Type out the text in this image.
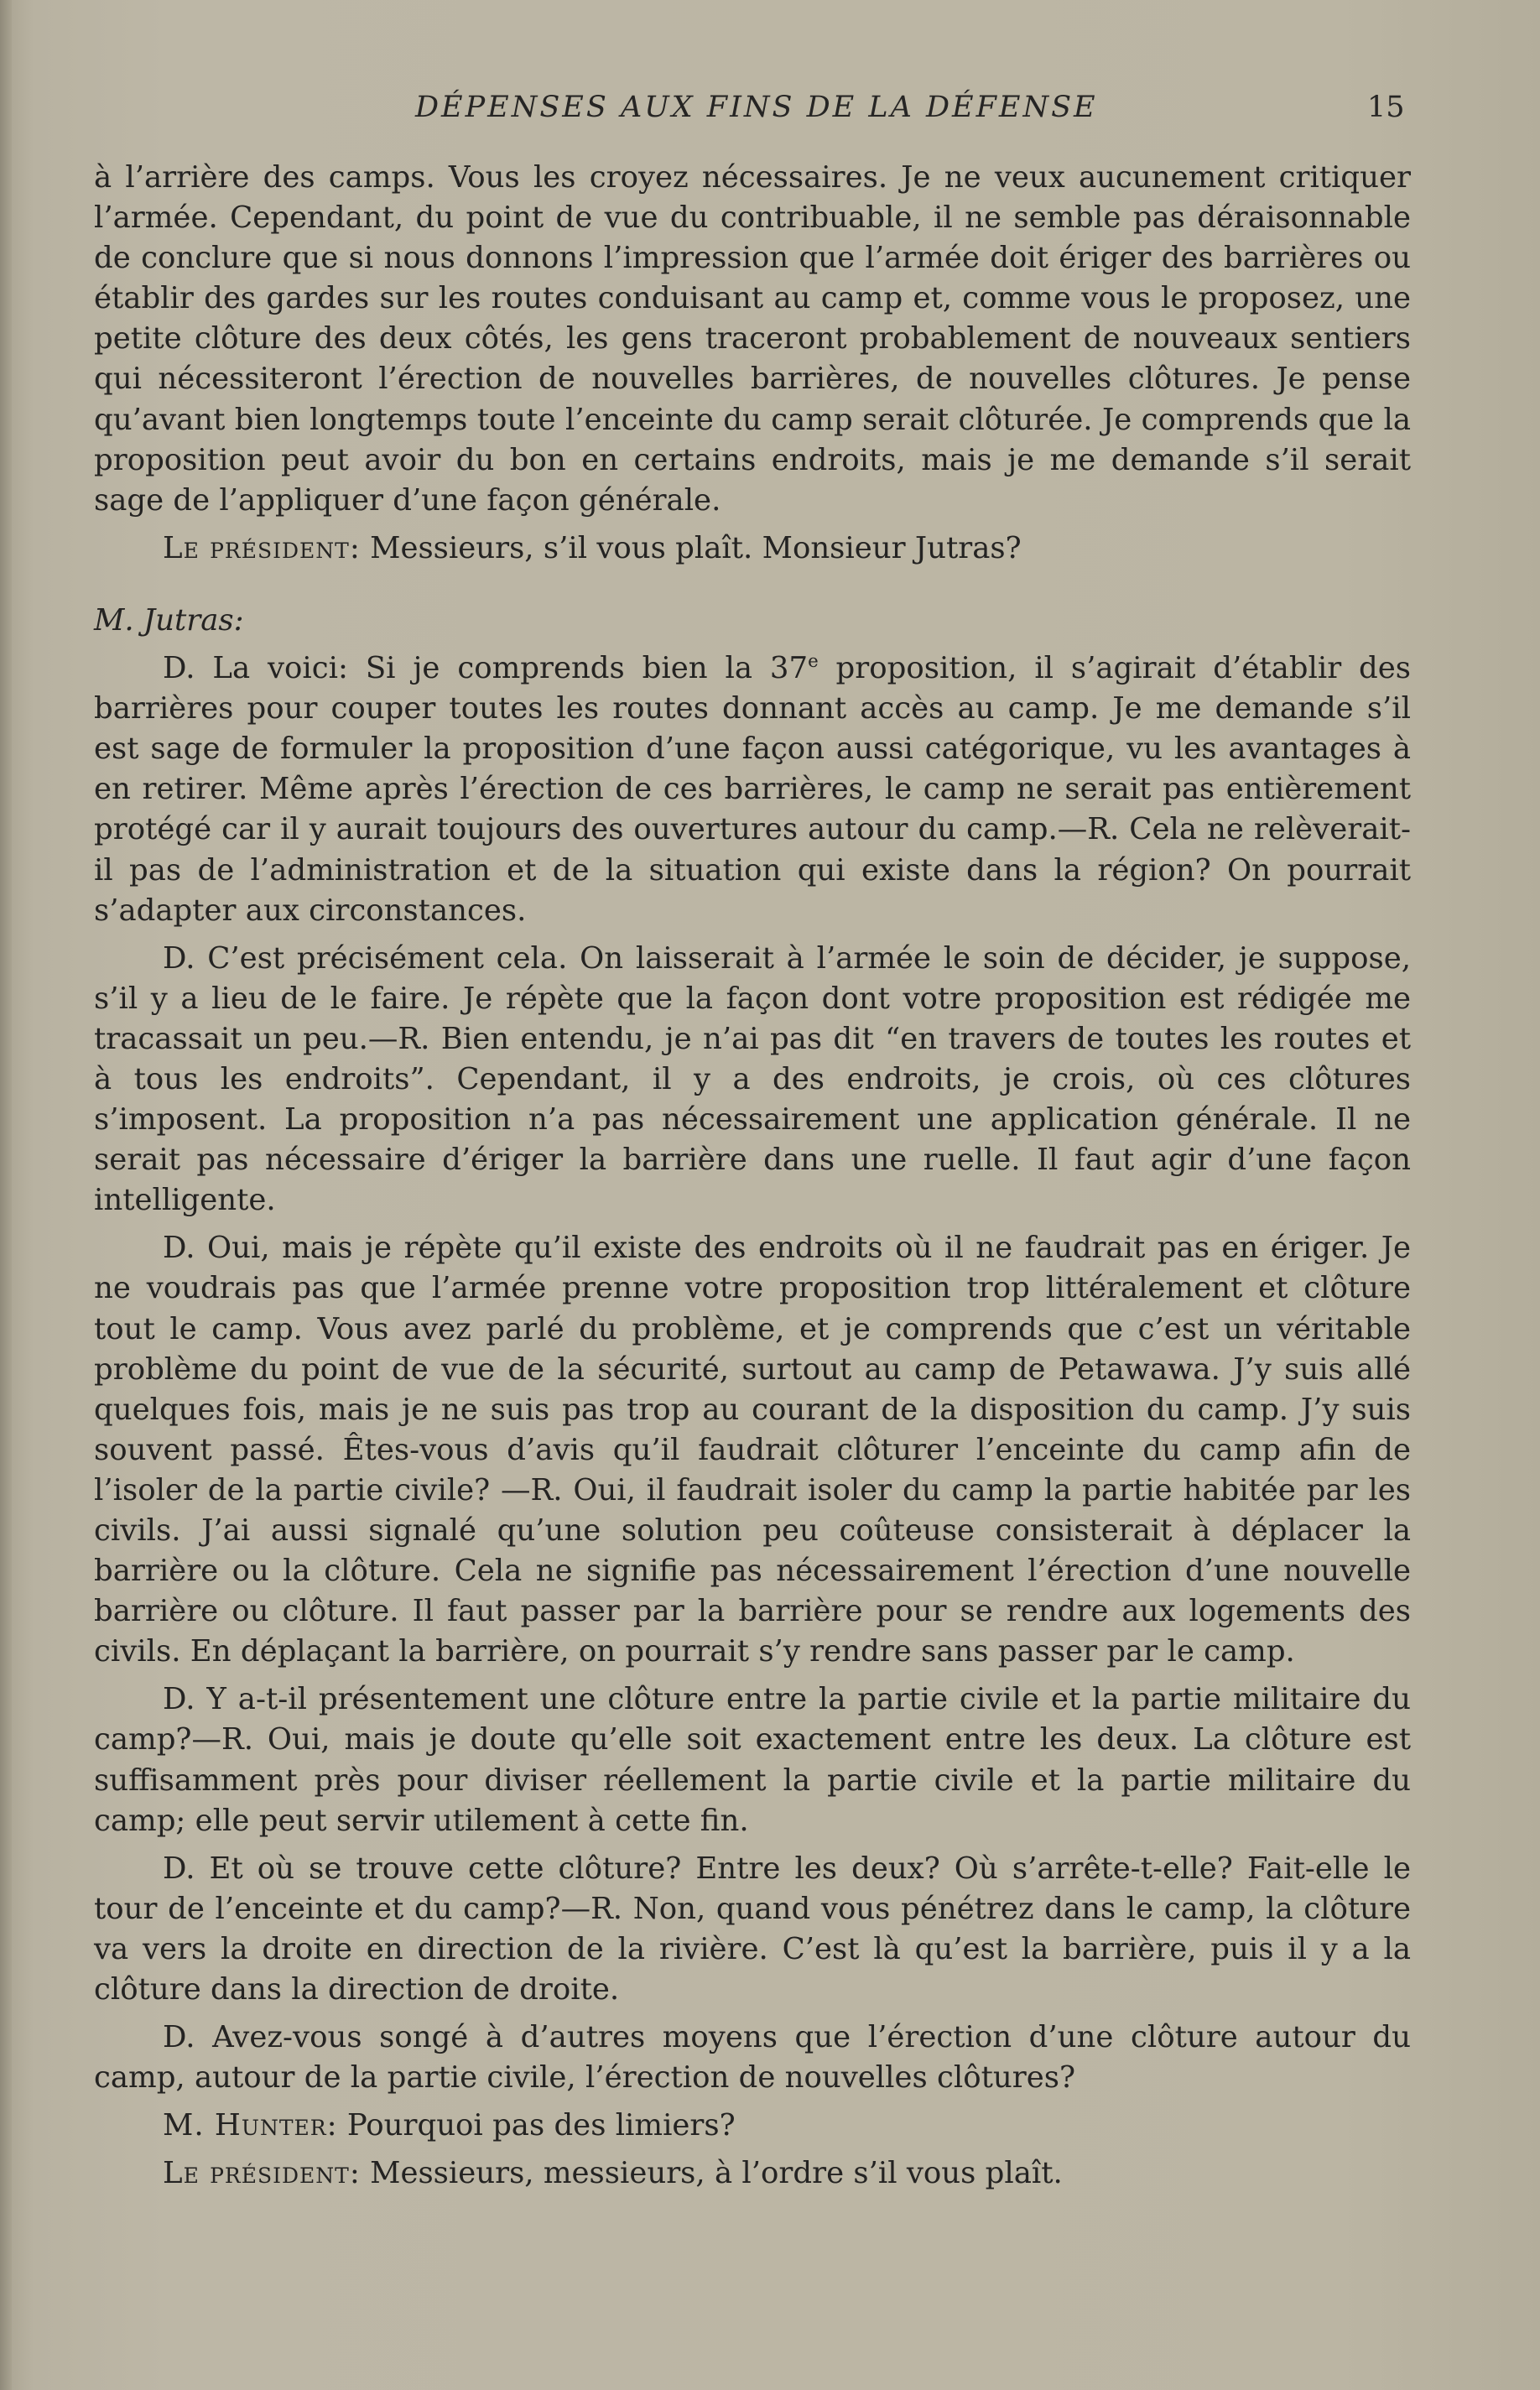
DÉPENSES AUX FINS DE LA DÉFENSE	15

à l’arrière des camps. Vous les croyez nécessaires. Je ne veux aucunement critiquer l’armée. Cependant, du point de vue du contribuable, il ne semble pas déraisonnable de conclure que si nous donnons l’impression que l’armée doit ériger des barrières ou établir des gardes sur les routes conduisant au camp et, comme vous le proposez, une petite clôture des deux côtés, les gens traceront probablement de nouveaux sentiers qui nécessiteront l’érection de nouvelles barrières, de nouvelles clôtures. Je pense qu’avant bien longtemps toute l’enceinte du camp serait clôturée. Je comprends que la proposition peut avoir du bon en certains endroits, mais je me demande s’il serait sage de l’appliquer d’une façon générale.

Le président: Messieurs, s’il vous plaît. Monsieur Jutras?

M. Jutras:

D. La voici: Si je comprends bien la 37e proposition, il s’agirait d’établir des barrières pour couper toutes les routes donnant accès au camp. Je me demande s’il est sage de formuler la proposition d’une façon aussi catégorique, vu les avantages à en retirer. Même après l’érection de ces barrières, le camp ne serait pas entièrement protégé car il y aurait toujours des ouvertures autour du camp.—R. Cela ne relèverait-il pas de l’administration et de la situation qui existe dans la région? On pourrait s’adapter aux circonstances.

D. C’est précisément cela. On laisserait à l’armée le soin de décider, je suppose, s’il y a lieu de le faire. Je répète que la façon dont votre proposition est rédigée me tracassait un peu.—R. Bien entendu, je n’ai pas dit “en travers de toutes les routes et à tous les endroits”. Cependant, il y a des endroits, je crois, où ces clôtures s’imposent. La proposition n’a pas nécessairement une application générale. Il ne serait pas nécessaire d’ériger la barrière dans une ruelle. Il faut agir d’une façon intelligente.

D. Oui, mais je répète qu’il existe des endroits où il ne faudrait pas en ériger. Je ne voudrais pas que l’armée prenne votre proposition trop littéralement et clôture tout le camp. Vous avez parlé du problème, et je comprends que c’est un véritable problème du point de vue de la sécurité, surtout au camp de Petawawa. J’y suis allé quelques fois, mais je ne suis pas trop au courant de la disposition du camp. J’y suis souvent passé. Êtes-vous d’avis qu’il faudrait clôturer l’enceinte du camp afin de l’isoler de la partie civile? —R. Oui, il faudrait isoler du camp la partie habitée par les civils. J’ai aussi signalé qu’une solution peu coûteuse consisterait à déplacer la barrière ou la clôture. Cela ne signifie pas nécessairement l’érection d’une nouvelle barrière ou clôture. Il faut passer par la barrière pour se rendre aux logements des civils. En déplaçant la barrière, on pourrait s’y rendre sans passer par le camp.

D. Y a-t-il présentement une clôture entre la partie civile et la partie militaire du camp?—R. Oui, mais je doute qu’elle soit exactement entre les deux. La clôture est suffisamment près pour diviser réellement la partie civile et la partie militaire du camp; elle peut servir utilement à cette fin.

D. Et où se trouve cette clôture? Entre les deux? Où s’arrête-t-elle? Fait-elle le tour de l’enceinte et du camp?—R. Non, quand vous pénétrez dans le camp, la clôture va vers la droite en direction de la rivière. C’est là qu’est la barrière, puis il y a la clôture dans la direction de droite.

D. Avez-vous songé à d’autres moyens que l’érection d’une clôture autour du camp, autour de la partie civile, l’érection de nouvelles clôtures?

M. Hunter: Pourquoi pas des limiers?

Le président: Messieurs, messieurs, à l’ordre s’il vous plaît.
